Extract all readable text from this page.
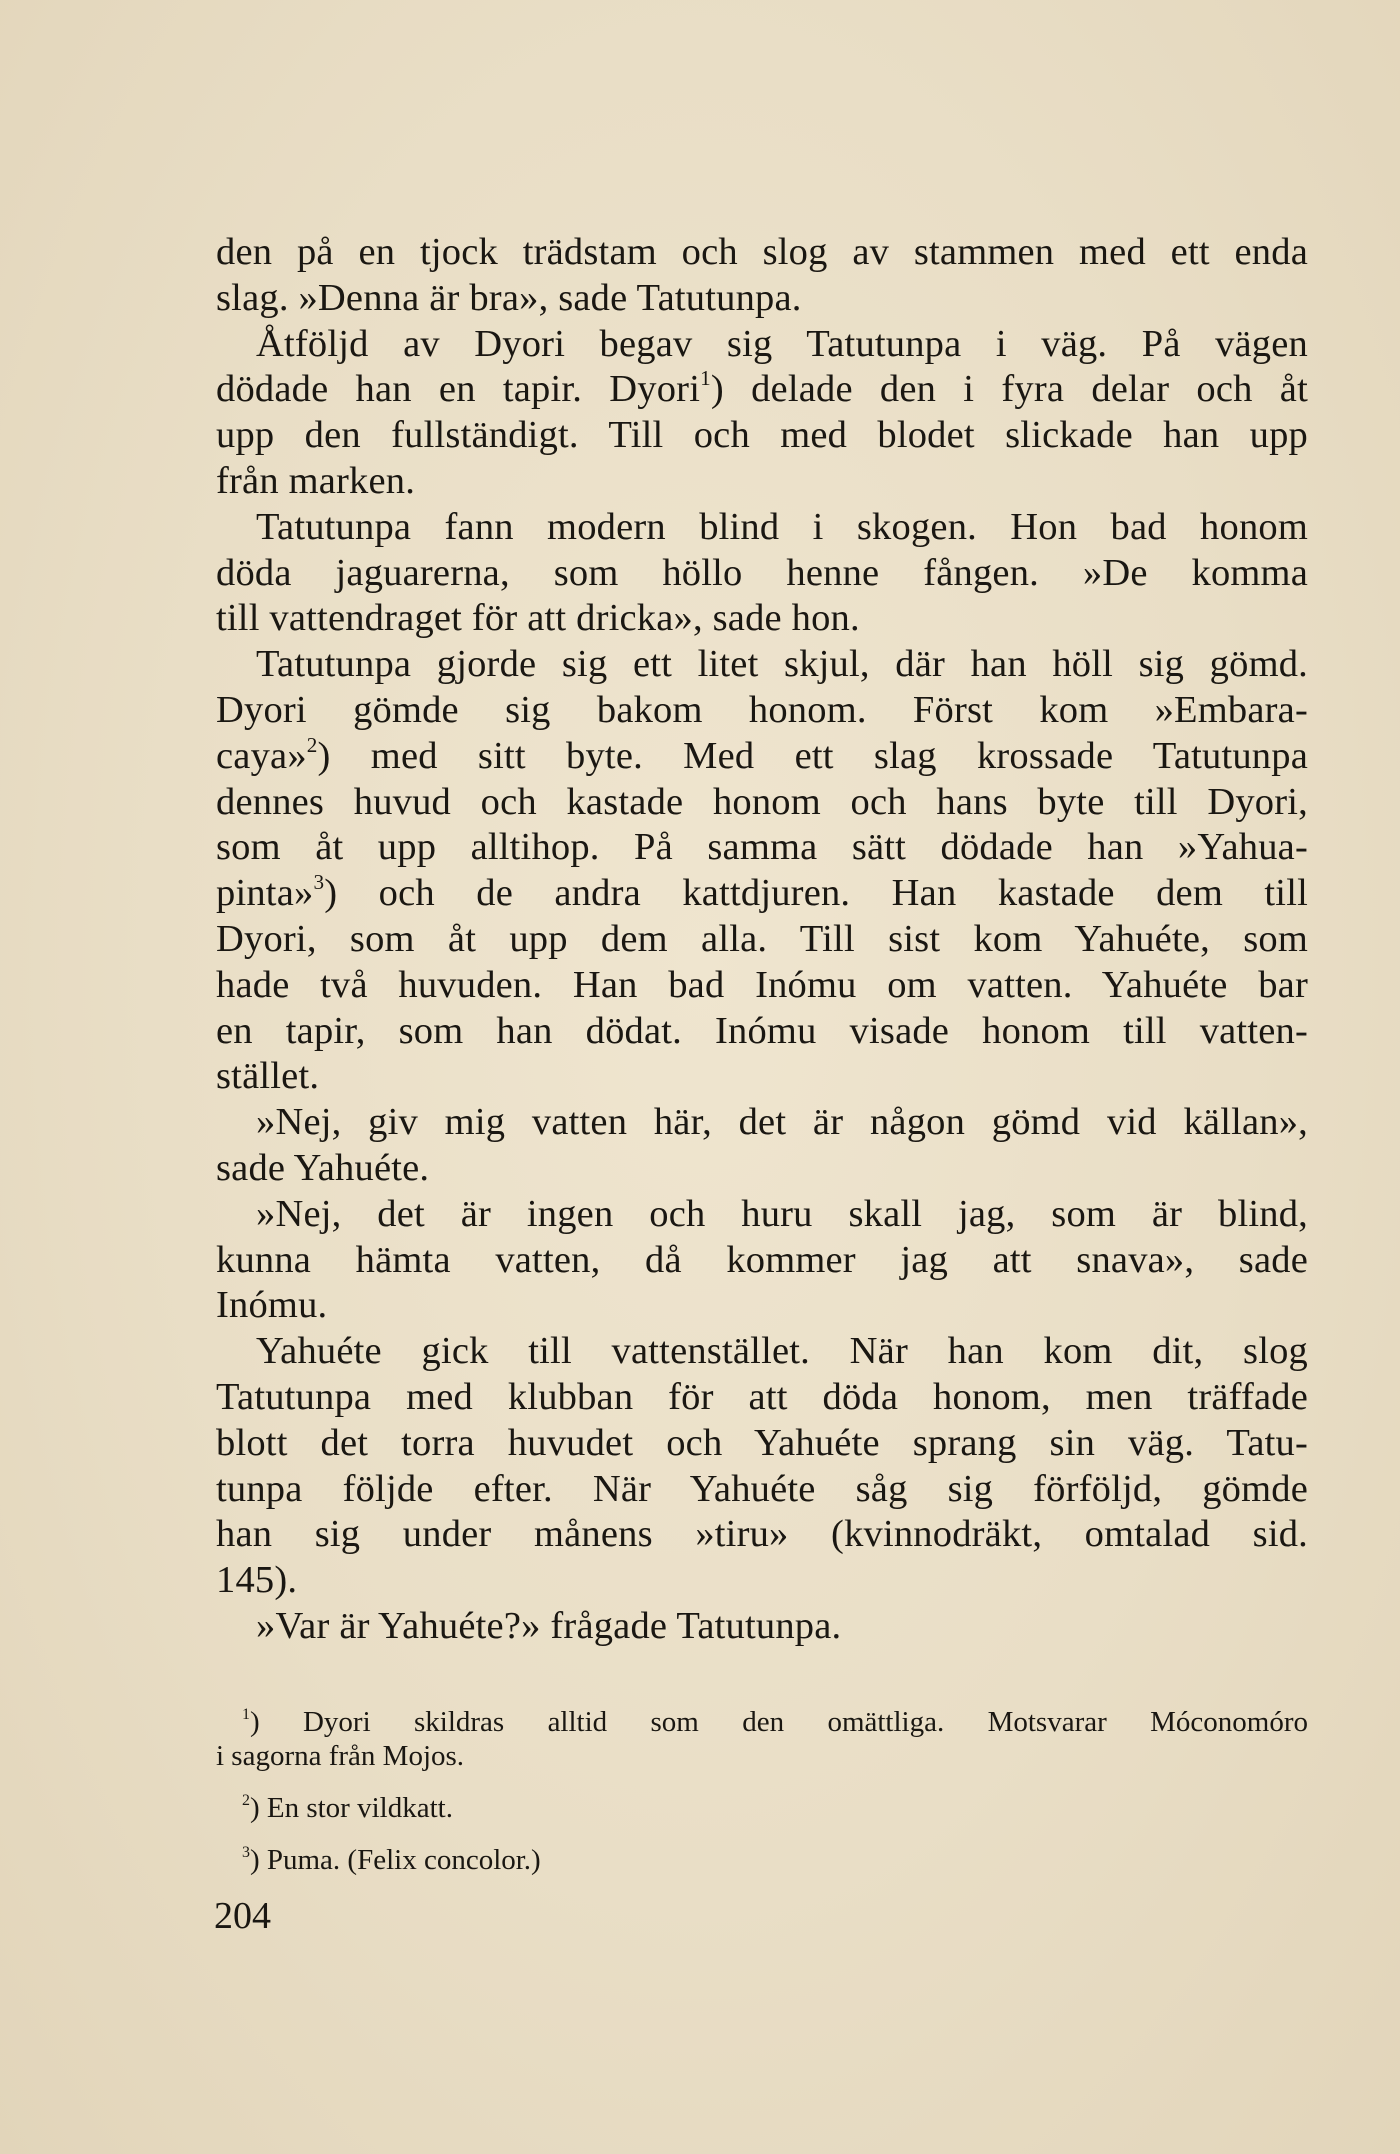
den på en tjock trädstam och slog av stammen med ett enda
slag. »Denna är bra», sade Tatutunpa.
Åtföljd av Dyori begav sig Tatutunpa i väg. På vägen
dödade han en tapir. Dyori$^1$) delade den i fyra delar och åt
upp den fullständigt. Till och med blodet slickade han upp
från marken.
Tatutunpa fann modern blind i skogen. Hon bad honom
döda jaguarerna, som höllo henne fången. »De komma
till vattendraget för att dricka», sade hon.
Tatutunpa gjorde sig ett litet skjul, där han höll sig gömd.
Dyori gömde sig bakom honom. Först kom »Embara-
caya»$^2$) med sitt byte. Med ett slag krossade Tatutunpa
dennes huvud och kastade honom och hans byte till Dyori,
som åt upp alltihop. På samma sätt dödade han »Yahua-
pinta»$^3$) och de andra kattdjuren. Han kastade dem till
Dyori, som åt upp dem alla. Till sist kom Yahuéte, som
hade två huvuden. Han bad Inómu om vatten. Yahuéte bar
en tapir, som han dödat. Inómu visade honom till vatten-
stället.
»Nej, giv mig vatten här, det är någon gömd vid källan»,
sade Yahuéte.
»Nej, det är ingen och huru skall jag, som är blind,
kunna hämta vatten, då kommer jag att snava», sade
Inómu.
Yahuéte gick till vattenstället. När han kom dit, slog
Tatutunpa med klubban för att döda honom, men träffade
blott det torra huvudet och Yahuéte sprang sin väg. Tatu-
tunpa följde efter. När Yahuéte såg sig förföljd, gömde
han sig under månens »tiru» (kvinnodräkt, omtalad sid.
145).
»Var är Yahuéte?» frågade Tatutunpa.
$^1$) Dyori skildras alltid som den omättliga. Motsvarar Móconomóro
i sagorna från Mojos.
$^2$) En stor vildkatt.
$^3$) Puma. (Felix concolor.)
204
